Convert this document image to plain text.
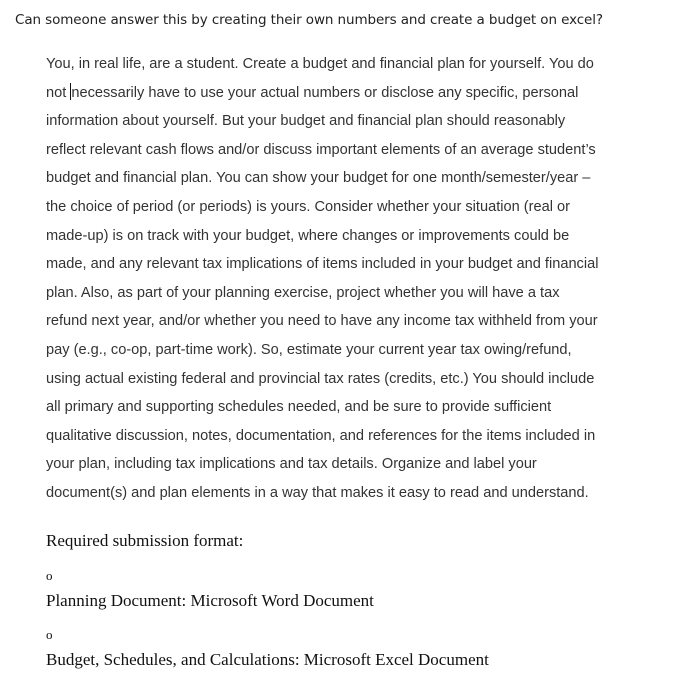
Can someone answer this by creating their own numbers and create a budget on excel?
You, in real life, are a student. Create a budget and financial plan for yourself. You do
not necessarily have to use your actual numbers or disclose any specific, personal
information about yourself. But your budget and financial plan should reasonably
reflect relevant cash flows and/or discuss important elements of an average student’s
budget and financial plan. You can show your budget for one month/semester/year –
the choice of period (or periods) is yours. Consider whether your situation (real or
made-up) is on track with your budget, where changes or improvements could be
made, and any relevant tax implications of items included in your budget and financial
plan. Also, as part of your planning exercise, project whether you will have a tax
refund next year, and/or whether you need to have any income tax withheld from your
pay (e.g., co-op, part-time work). So, estimate your current year tax owing/refund,
using actual existing federal and provincial tax rates (credits, etc.) You should include
all primary and supporting schedules needed, and be sure to provide sufficient
qualitative discussion, notes, documentation, and references for the items included in
your plan, including tax implications and tax details. Organize and label your
document(s) and plan elements in a way that makes it easy to read and understand.
Required submission format:
o
Planning Document: Microsoft Word Document
o
Budget, Schedules, and Calculations: Microsoft Excel Document
